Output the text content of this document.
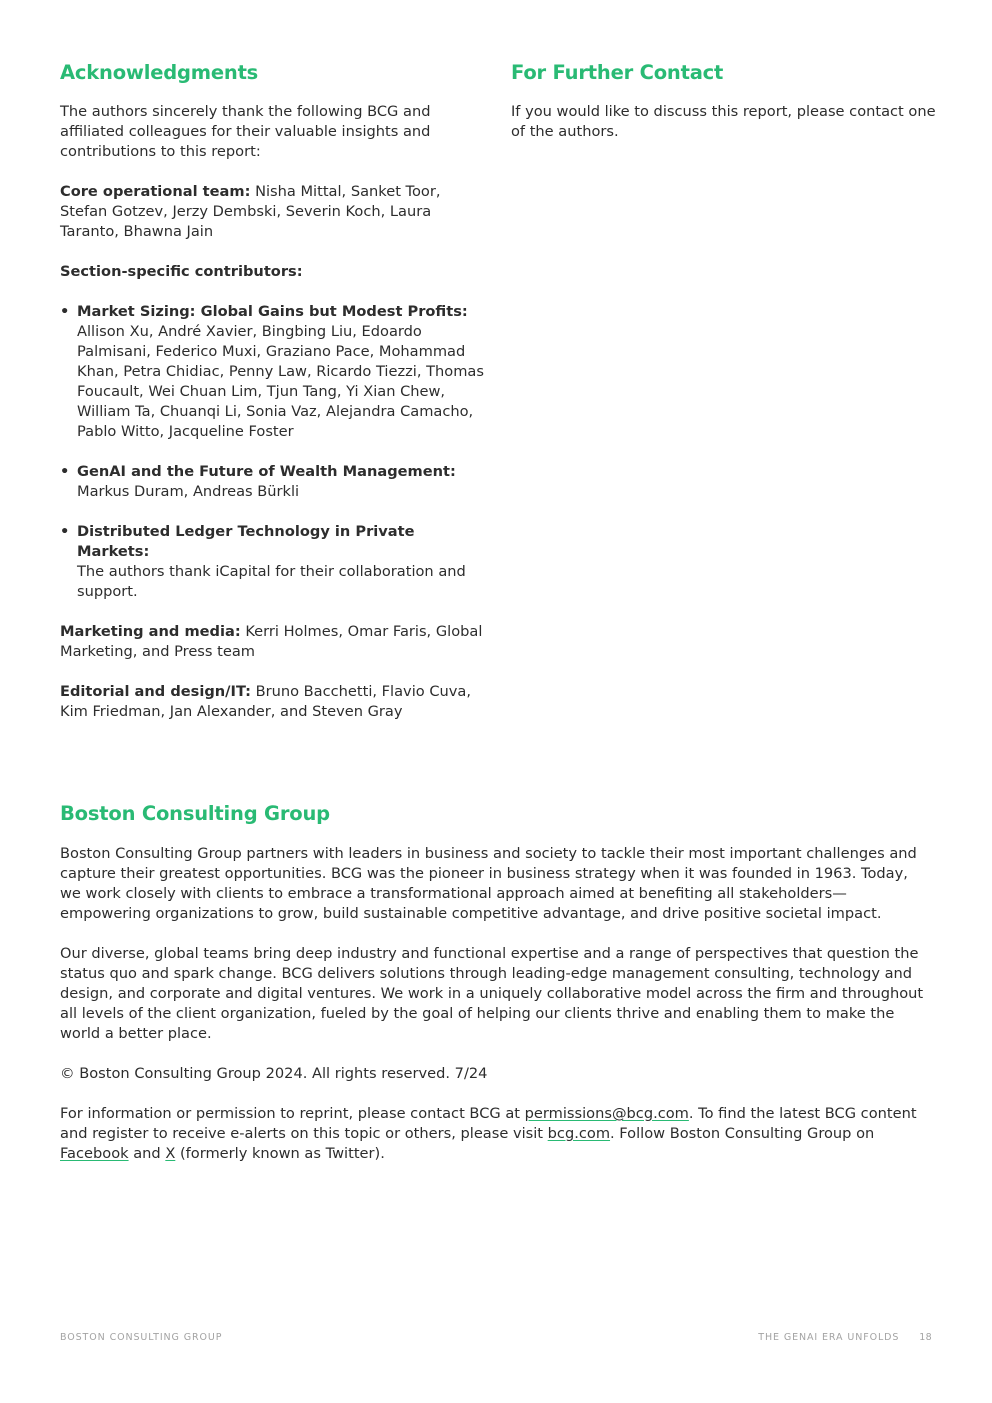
Acknowledgments

The authors sincerely thank the following BCG and affiliated colleagues for their valuable insights and contributions to this report:

Core operational team: Nisha Mittal, Sanket Toor, Stefan Gotzev, Jerzy Dembski, Severin Koch, Laura Taranto, Bhawna Jain

Section-specific contributors:

• Market Sizing: Global Gains but Modest Profits:
Allison Xu, André Xavier, Bingbing Liu, Edoardo Palmisani, Federico Muxi, Graziano Pace, Mohammad Khan, Petra Chidiac, Penny Law, Ricardo Tiezzi, Thomas Foucault, Wei Chuan Lim, Tjun Tang, Yi Xian Chew, William Ta, Chuanqi Li, Sonia Vaz, Alejandra Camacho, Pablo Witto, Jacqueline Foster
• GenAI and the Future of Wealth Management:
Markus Duram, Andreas Bürkli
• Distributed Ledger Technology in Private Markets:
The authors thank iCapital for their collaboration and support.

Marketing and media: Kerri Holmes, Omar Faris, Global Marketing, and Press team

Editorial and design/IT: Bruno Bacchetti, Flavio Cuva, Kim Friedman, Jan Alexander, and Steven Gray

For Further Contact

If you would like to discuss this report, please contact one of the authors.

Boston Consulting Group

Boston Consulting Group partners with leaders in business and society to tackle their most important challenges and capture their greatest opportunities. BCG was the pioneer in business strategy when it was founded in 1963. Today, we work closely with clients to embrace a transformational approach aimed at benefiting all stakeholders—empowering organizations to grow, build sustainable competitive advantage, and drive positive societal impact.

Our diverse, global teams bring deep industry and functional expertise and a range of perspectives that question the status quo and spark change. BCG delivers solutions through leading-edge management consulting, technology and design, and corporate and digital ventures. We work in a uniquely collaborative model across the firm and throughout all levels of the client organization, fueled by the goal of helping our clients thrive and enabling them to make the world a better place.

© Boston Consulting Group 2024. All rights reserved. 7/24

For information or permission to reprint, please contact BCG at permissions@bcg.com. To find the latest BCG content and register to receive e-alerts on this topic or others, please visit bcg.com. Follow Boston Consulting Group on Facebook and X (formerly known as Twitter).

BOSTON CONSULTING GROUP	THE GENAI ERA UNFOLDS 18
